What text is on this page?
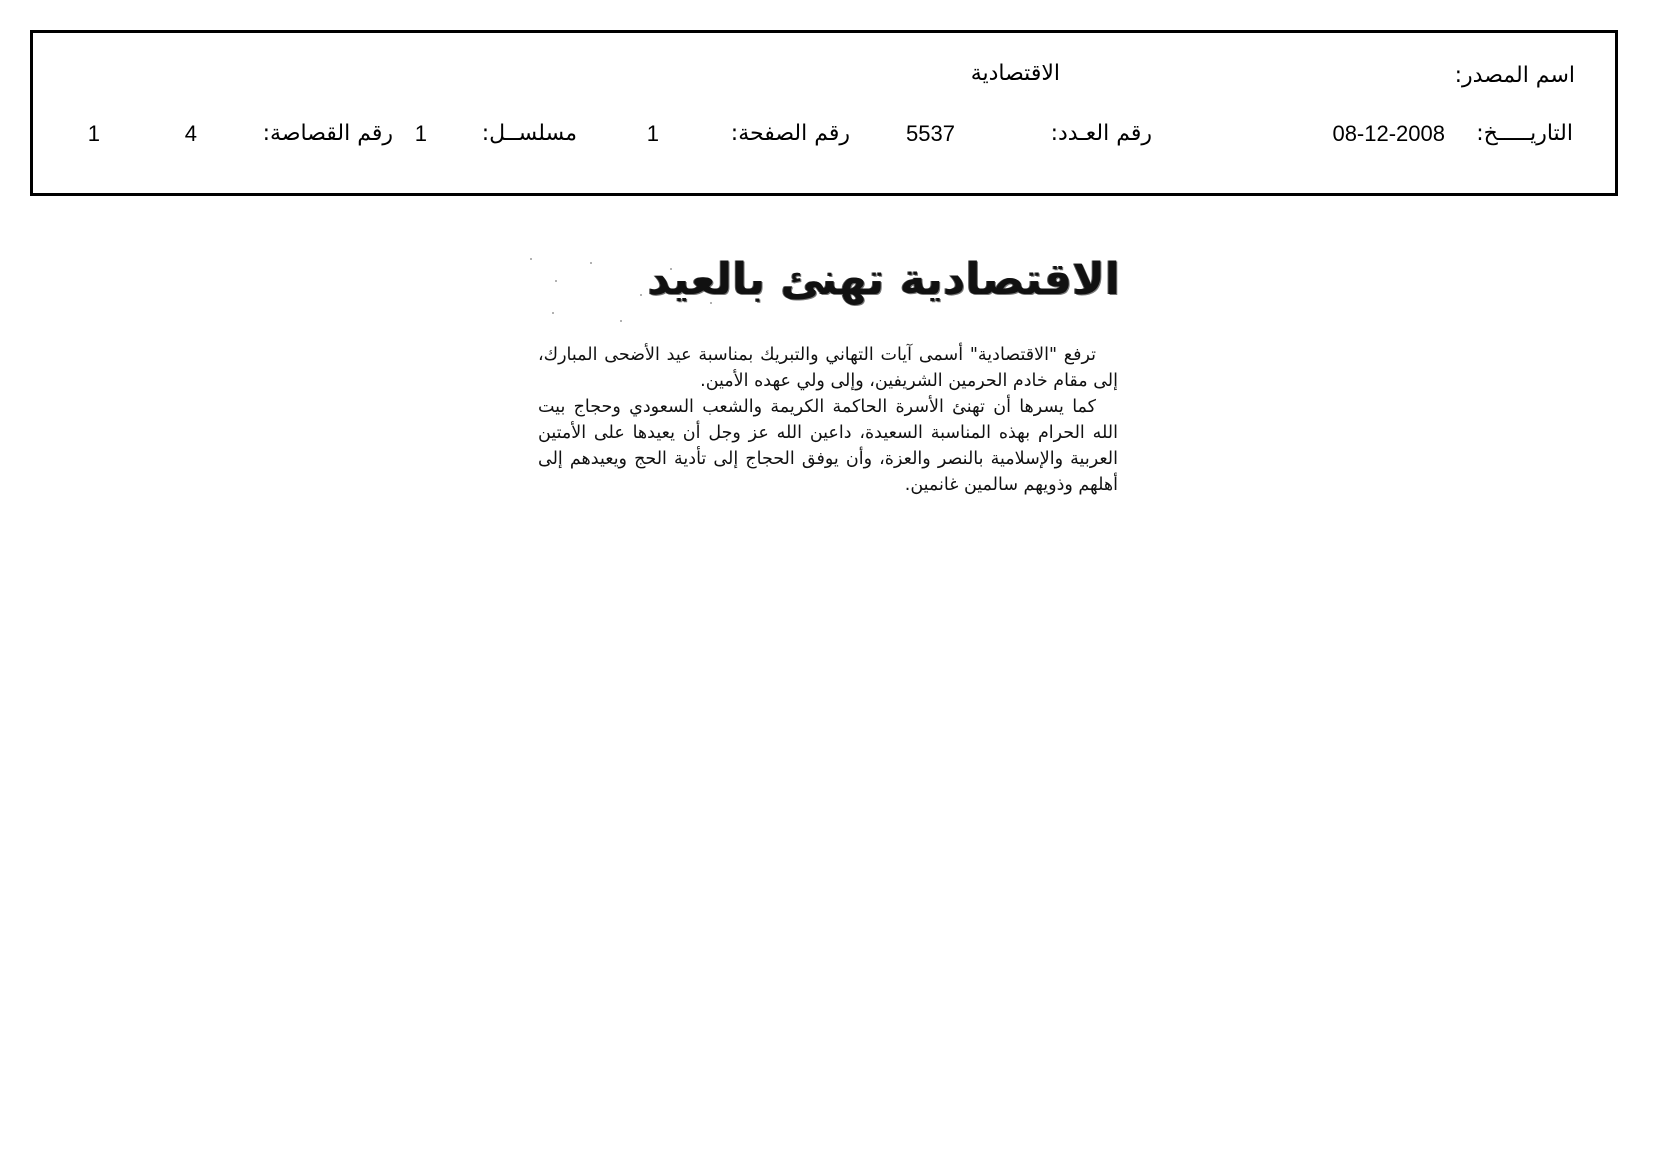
اسم المصدر:
الاقتصادية
التاريـــــخ:
08-12-2008
رقم العـدد:
5537
رقم الصفحة:
1
مسلســل:
1
رقم القصاصة:
4
1
الاقتصادية تهنئ بالعيد

ترفع "الاقتصادية" أسمى آيات التهاني والتبريك بمناسبة عيد الأضحى المبارك، إلى مقام خادم الحرمين الشريفين، وإلى ولي عهده الأمين.

كما يسرها أن تهنئ الأسرة الحاكمة الكريمة والشعب السعودي وحجاج بيت الله الحرام بهذه المناسبة السعيدة، داعين الله عز وجل أن يعيدها على الأمتين العربية والإسلامية بالنصر والعزة، وأن يوفق الحجاج إلى تأدية الحج ويعيدهم إلى أهلهم وذويهم سالمين غانمين.
